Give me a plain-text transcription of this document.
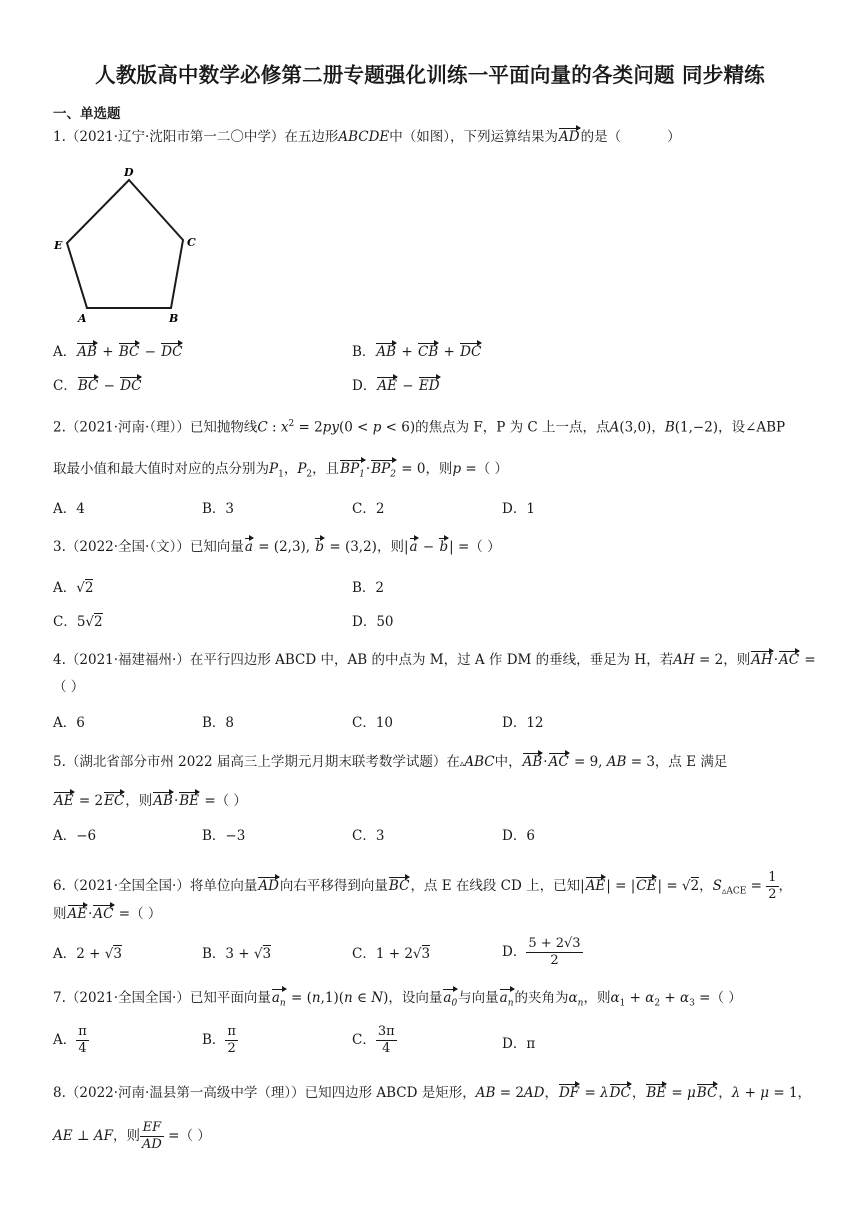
人教版高中数学必修第二册专题强化训练一平面向量的各类问题 同步精练
一、单选题
1.（2021·辽宁·沈阳市第一二〇中学）在五边形ABCDE中（如图），下列运算结果为AD的是（	）
D
C
E
A	B
A．AB + BC − DC	B．AB + CB + DC
C．BC − DC	D．AE − ED
2.（2021·河南·（理））已知抛物线C : $x^2 = 2py(0 < p < 6)$的焦点为 F，P 为 C 上一点，点A(3,0)，B(1,−2)，设∠ABP
取最小值和最大值时对应的点分别为$P_1$，$P_2$，且$BP_1\cdot BP_2 = 0$，则p =（ ）
A．4	B．3	C．2	D．1
3.（2022·全国·（文））已知向量a = (2,3), b = (3,2)，则|a − b| =（ ）
A．√2	B．2
C．5√2	D．50
4.（2021·福建福州·）在平行四边形 ABCD 中，AB 的中点为 M，过 A 作 DM 的垂线，垂足为 H，若AH = 2，则AH·AC =
（ ）
A．6	B．8	C．10	D．12
5.（湖北省部分市州 2022 届高三上学期元月期末联考数学试题）在▵ABC中，AB·AC = 9, AB = 3，点 E 满足
AE = 2EC，则AB·BE =（ ）
A．−6	B．−3	C．3	D．6
6.（2021·全国全国·）将单位向量AD向右平移得到向量BC，点 E 在线段 CD 上，已知|AE| = |CE| = √2，$S_{▵ACE} = \frac{1}{2}$ ，
则AE·AC =（ ）
A．2 + √3	B．3 + √3	C．1 + 2√3	D． $\frac{5 + 2√3}{2}$
7.（2021·全国全国·）已知平面向量$a_n = (n,1)(n$ ∈ N)，设向量$a_0$与向量$a_n$的夹角为$\alpha_n$，则$\alpha_1 + \alpha_2 + \alpha_3$ =（ ）
A． $\frac{\pi}{4}$	B． $\frac{\pi}{2}$	C． $\frac{3\pi}{4}$	D．π
8.（2022·河南·温县第一高级中学（理））已知四边形 ABCD 是矩形，AB = 2AD，DF = λDC，BE = μBC，λ + μ = 1，
AE ⊥ AF，则 $\frac{EF}{AD}$ =（ ）
